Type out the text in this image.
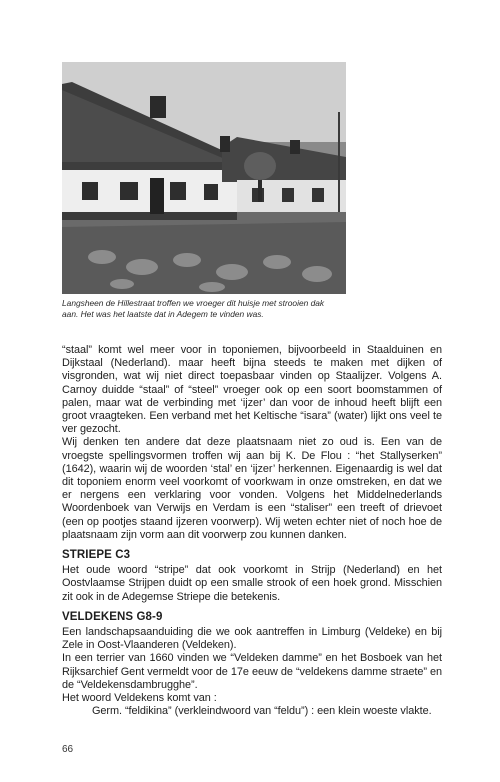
Langsheen de Hillestraat troffen we vroeger dit huisje met strooien dak
aan. Het was het laatste dat in Adegem te vinden was.

“staal” komt wel meer voor in toponiemen, bijvoorbeeld in Staalduinen en Dijkstaal (Nederland). maar heeft bijna steeds te maken met dijken of visgronden, wat wij niet direct toepasbaar vinden op Staalijzer. Volgens A. Carnoy duidde “staal” of “steel” vroeger ook op een soort boomstammen of palen, maar wat de verbinding met ‘ijzer’ dan voor de inhoud heeft blijft een groot vraagteken. Een verband met het Keltische “isara” (water) lijkt ons veel te ver gezocht.

Wij denken ten andere dat deze plaatsnaam niet zo oud is. Een van de vroegste spellingsvormen troffen wij aan bij K. De Flou : “het Stallyserken” (1642), waarin wij de woorden ‘stal’ en ‘ijzer’ herkennen. Eigenaardig is wel dat dit toponiem enorm veel voorkomt of voorkwam in onze omstreken, en dat we er nergens een verklaring voor vonden. Volgens het Middelnederlands Woordenboek van Verwijs en Verdam is een “staliser” een treeft of drievoet (een op pootjes staand ijzeren voorwerp). Wij weten echter niet of noch hoe de plaatsnaam zijn vorm aan dit voorwerp zou kunnen danken.

STRIEPE C3

Het oude woord “stripe” dat ook voorkomt in Strijp (Nederland) en het Oostvlaamse Strijpen duidt op een smalle strook of een hoek grond. Misschien zit ook in de Adegemse Striepe die betekenis.

VELDEKENS G8-9

Een landschapsaanduiding die we ook aantreffen in Limburg (Veldeke) en bij Zele in Oost-Vlaanderen (Veldeken).

In een terrier van 1660 vinden we “Veldeken damme” en het Bosboek van het Rijksarchief Gent vermeldt voor de 17e eeuw de “veldekens damme straete” en de “Veldekensdambrugghe”.

Het woord Veldekens komt van :

Germ. “feldikina” (verkleindwoord van “feldu”) : een klein woeste vlakte.

66
